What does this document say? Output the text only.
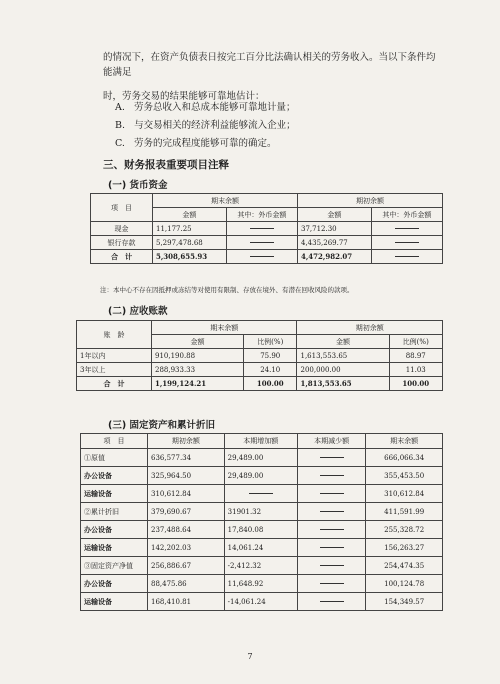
的情况下，在资产负债表日按完工百分比法确认相关的劳务收入。当以下条件均能满足
时，劳务交易的结果能够可靠地估计：
A. 劳务总收入和总成本能够可靠地计量；
B. 与交易相关的经济利益能够流入企业；
C. 劳务的完成程度能够可靠的确定。
三、财务报表重要项目注释
(一) 货币资金
项　目	期末余额		期初余额	
	金额	其中：外币金额	金额	其中：外币金额
现金	11,177.25		37,712.30	
银行存款	5,297,478.68		4,435,269.77	
合　计	5,308,655.93		4,472,982.07	
注：本中心不存在因抵押或冻结等对使用有限制、存放在境外、有潜在回收风险的款项。
(二) 应收账款
账　龄	期末余额		期初余额	
	金额	比例(%)	金额	比例(%)
1年以内	910,190.88	75.90	1,613,553.65	88.97
3年以上	288,933.33	24.10	200,000.00	11.03
合　计	1,199,124.21	100.00	1,813,553.65	100.00
(三) 固定资产和累计折旧
项　目	期初余额	本期增加额	本期减少额	期末余额
①原值	636,577.34	29,489.00		666,066.34
办公设备	325,964.50	29,489.00		355,453.50
运输设备	310,612.84			310,612.84
②累计折旧	379,690.67	31901.32		411,591.99
办公设备	237,488.64	17,840.08		255,328.72
运输设备	142,202.03	14,061.24		156,263.27
③固定资产净值	256,886.67	-2,412.32		254,474.35
办公设备	88,475.86	11,648.92		100,124.78
运输设备	168,410.81	-14,061.24		154,349.57
7
